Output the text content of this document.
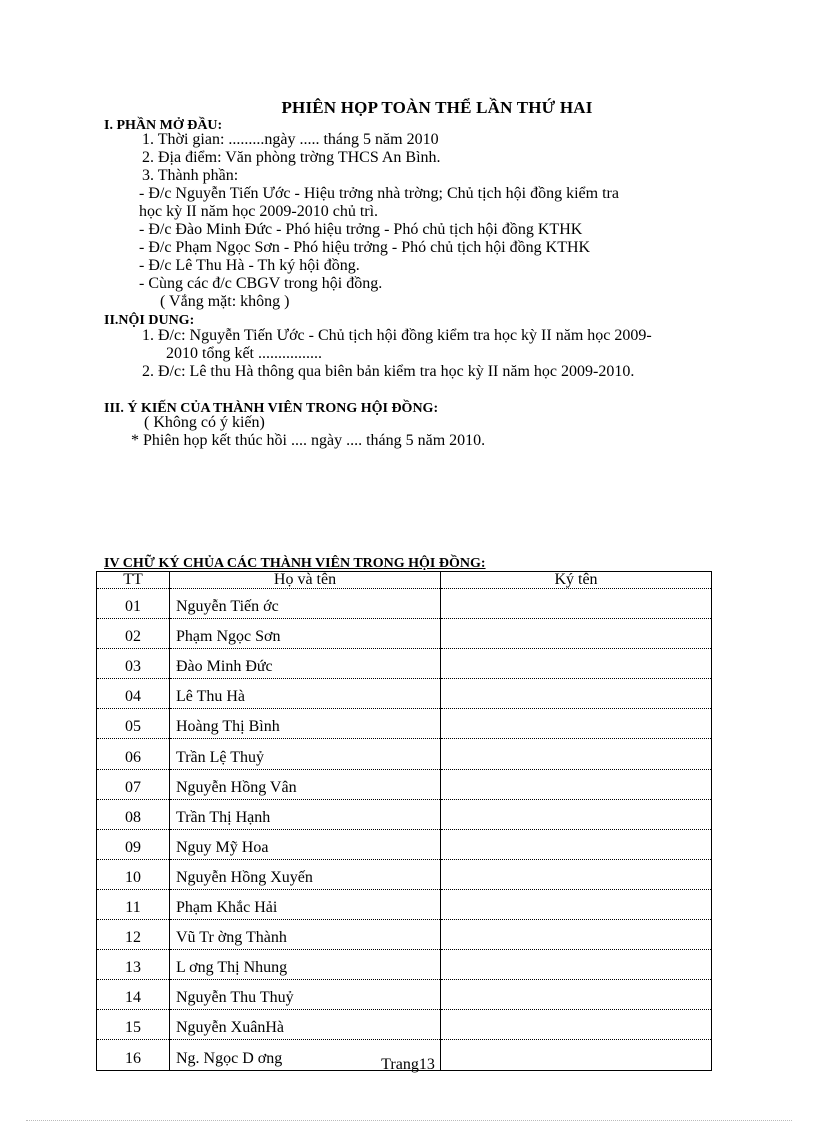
PHIÊN HỌP TOÀN THỂ LẦN THỨ HAI
I. PHẦN MỞ ĐẦU:
1. Thời gian: .........ngày ..... tháng 5 năm 2010
2. Địa điểm: Văn phòng trờng THCS An Bình.
3. Thành phần:
- Đ/c Nguyễn Tiến Ước - Hiệu trởng nhà trờng; Chủ tịch hội đồng kiểm tra
học kỳ II năm học 2009-2010 chủ trì.
- Đ/c Đào Minh Đức - Phó hiệu trởng - Phó chủ tịch hội đồng KTHK
- Đ/c Phạm Ngọc Sơn - Phó hiệu trởng - Phó chủ tịch hội đồng KTHK
- Đ/c Lê Thu Hà - Th ký hội đồng.
- Cùng các đ/c CBGV trong hội đồng.
( Vắng mặt: không )
II.NỘI DUNG:
1. Đ/c: Nguyễn Tiến Ước - Chủ tịch hội đồng kiểm tra học kỳ II năm học 2009-
2010 tổng kết ................
2. Đ/c: Lê thu Hà thông qua biên bản kiểm tra học kỳ II năm học 2009-2010.
III. Ý KIẾN CỦA THÀNH VIÊN TRONG HỘI ĐỒNG:
( Không có ý kiến)
* Phiên họp kết thúc hồi .... ngày .... tháng 5 năm 2010.
IV CHỮ KÝ CHỦA CÁC THÀNH VIÊN TRONG HỘI ĐỒNG:
TT	Họ và tên	Ký tên
01	Nguyễn Tiến ớc	
02	Phạm Ngọc Sơn	
03	Đào Minh Đức	
04	Lê Thu Hà	
05	Hoàng Thị Bình	
06	Trần Lệ Thuỷ	
07	Nguyễn Hồng Vân	
08	Trần Thị Hạnh	
09	Nguy Mỹ Hoa	
10	Nguyễn Hồng Xuyến	
11	Phạm Khắc Hải	
12	Vũ Tr ờng Thành	
13	L ơng Thị Nhung	
14	Nguyễn Thu Thuỷ	
15	Nguyễn XuânHà	
16	Ng. Ngọc D ơng		Trang13
